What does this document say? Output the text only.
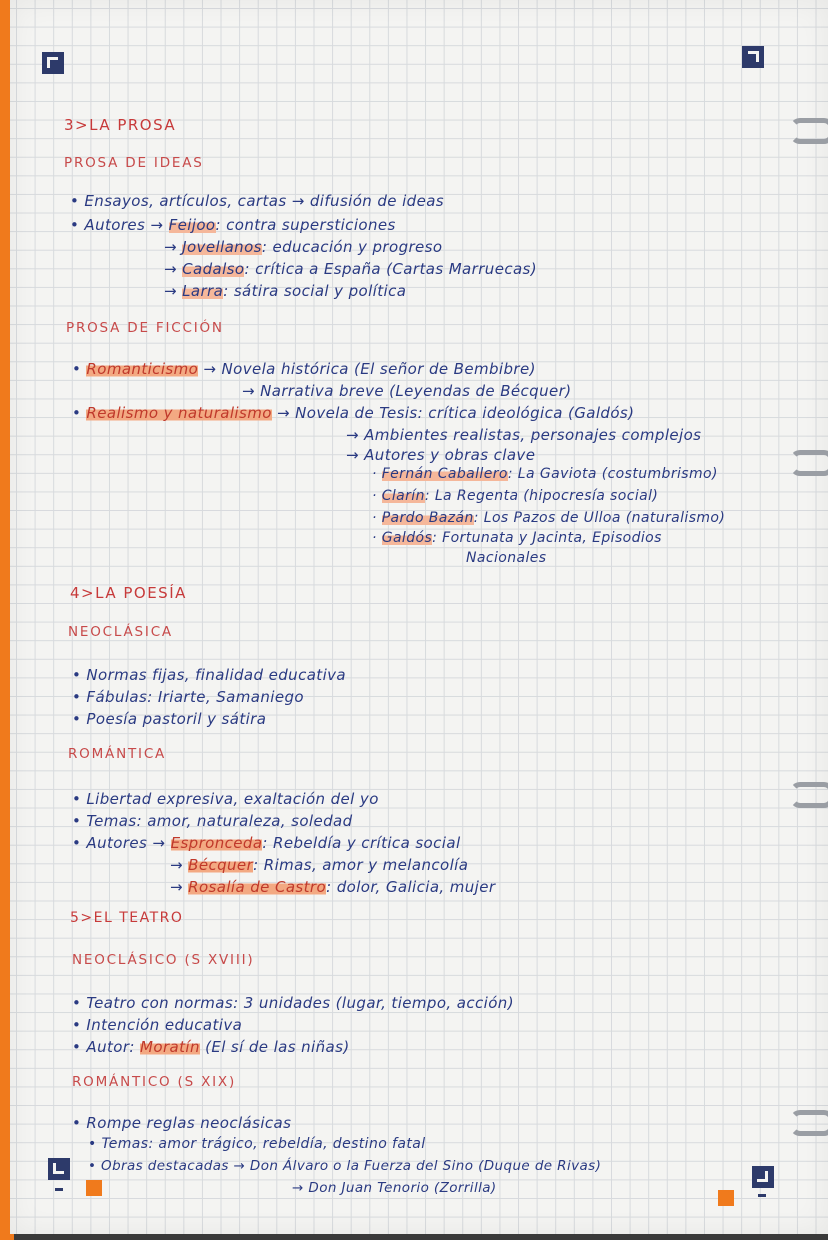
3>LA PROSA
PROSA DE IDEAS
• Ensayos, artículos, cartas → difusión de ideas
• Autores → Feijoo: contra supersticiones
→ Jovellanos: educación y progreso
→ Cadalso: crítica a España (Cartas Marruecas)
→ Larra: sátira social y política
PROSA DE FICCIÓN
• Romanticismo → Novela histórica (El señor de Bembibre)
→ Narrativa breve (Leyendas de Bécquer)
• Realismo y naturalismo → Novela de Tesis: crítica ideológica (Galdós)
→ Ambientes realistas, personajes complejos
→ Autores y obras clave
· Fernán Caballero: La Gaviota (costumbrismo)
· Clarín: La Regenta (hipocresía social)
· Pardo Bazán: Los Pazos de Ulloa (naturalismo)
· Galdós: Fortunata y Jacinta, Episodios
Nacionales
4>LA POESÍA
NEOCLÁSICA
• Normas fijas, finalidad educativa
• Fábulas: Iriarte, Samaniego
• Poesía pastoril y sátira
ROMÁNTICA
• Libertad expresiva, exaltación del yo
• Temas: amor, naturaleza, soledad
• Autores → Espronceda: Rebeldía y crítica social
→ Bécquer: Rimas, amor y melancolía
→ Rosalía de Castro: dolor, Galicia, mujer
5>EL TEATRO
NEOCLÁSICO (S XVIII)
• Teatro con normas: 3 unidades (lugar, tiempo, acción)
• Intención educativa
• Autor: Moratín (El sí de las niñas)
ROMÁNTICO (S XIX)
• Rompe reglas neoclásicas
• Temas: amor trágico, rebeldía, destino fatal
• Obras destacadas → Don Álvaro o la Fuerza del Sino (Duque de Rivas)
→ Don Juan Tenorio (Zorrilla)
